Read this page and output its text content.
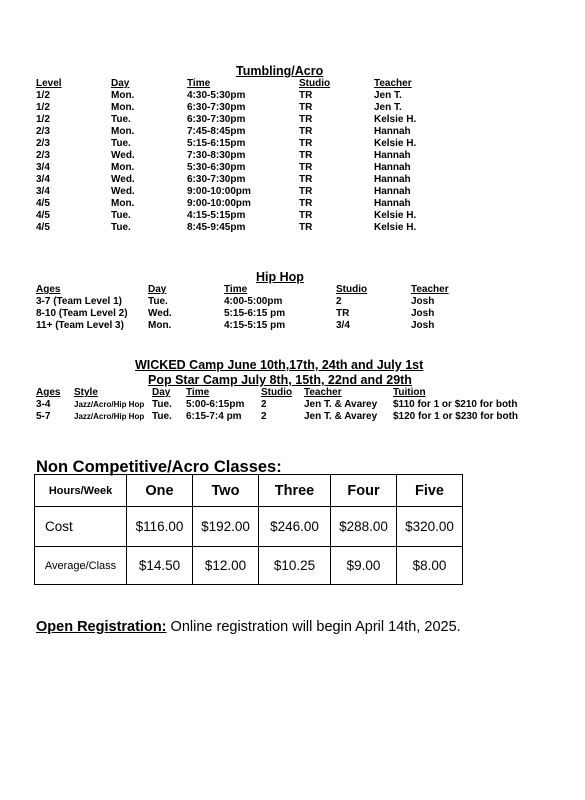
Tumbling/Acro
Level	Day	Time	Studio	Teacher
1/2	Mon.	4:30-5:30pm	TR	Jen T.
1/2	Mon.	6:30-7:30pm	TR	Jen T.
1/2	Tue.	6:30-7:30pm	TR	Kelsie H.
2/3	Mon.	7:45-8:45pm	TR	Hannah
2/3	Tue.	5:15-6:15pm	TR	Kelsie H.
2/3	Wed.	7:30-8:30pm	TR	Hannah
3/4	Mon.	5:30-6:30pm	TR	Hannah
3/4	Wed.	6:30-7:30pm	TR	Hannah
3/4	Wed.	9:00-10:00pm	TR	Hannah
4/5	Mon.	9:00-10:00pm	TR	Hannah
4/5	Tue.	4:15-5:15pm	TR	Kelsie H.
4/5	Tue.	8:45-9:45pm	TR	Kelsie H.
Hip Hop
Ages	Day	Time	Studio	Teacher
3-7 (Team Level 1)	Tue.	4:00-5:00pm	2	Josh
8-10 (Team Level 2)	Wed.	5:15-6:15 pm	TR	Josh
11+ (Team Level 3)	Mon.	4:15-5:15 pm	3/4	Josh
WICKED Camp June 10th,17th, 24th and July 1st
Pop Star Camp July 8th, 15th, 22nd and 29th
Ages	Style	Day	Time	Studio	Teacher	Tuition
3-4	Jazz/Acro/Hip Hop	Tue.	5:00-6:15pm	2	Jen T. & Avarey	$110 for 1 or $210 for both
5-7	Jazz/Acro/Hip Hop	Tue.	6:15-7:4 pm	2	Jen T. & Avarey	$120 for 1 or $230 for both
Non Competitive/Acro Classes:
Hours/Week	One	Two	Three	Four	Five
Cost	$116.00	$192.00	$246.00	$288.00	$320.00
Average/Class	$14.50	$12.00	$10.25	$9.00	$8.00
Open Registration: Online registration will begin April 14th, 2025.
